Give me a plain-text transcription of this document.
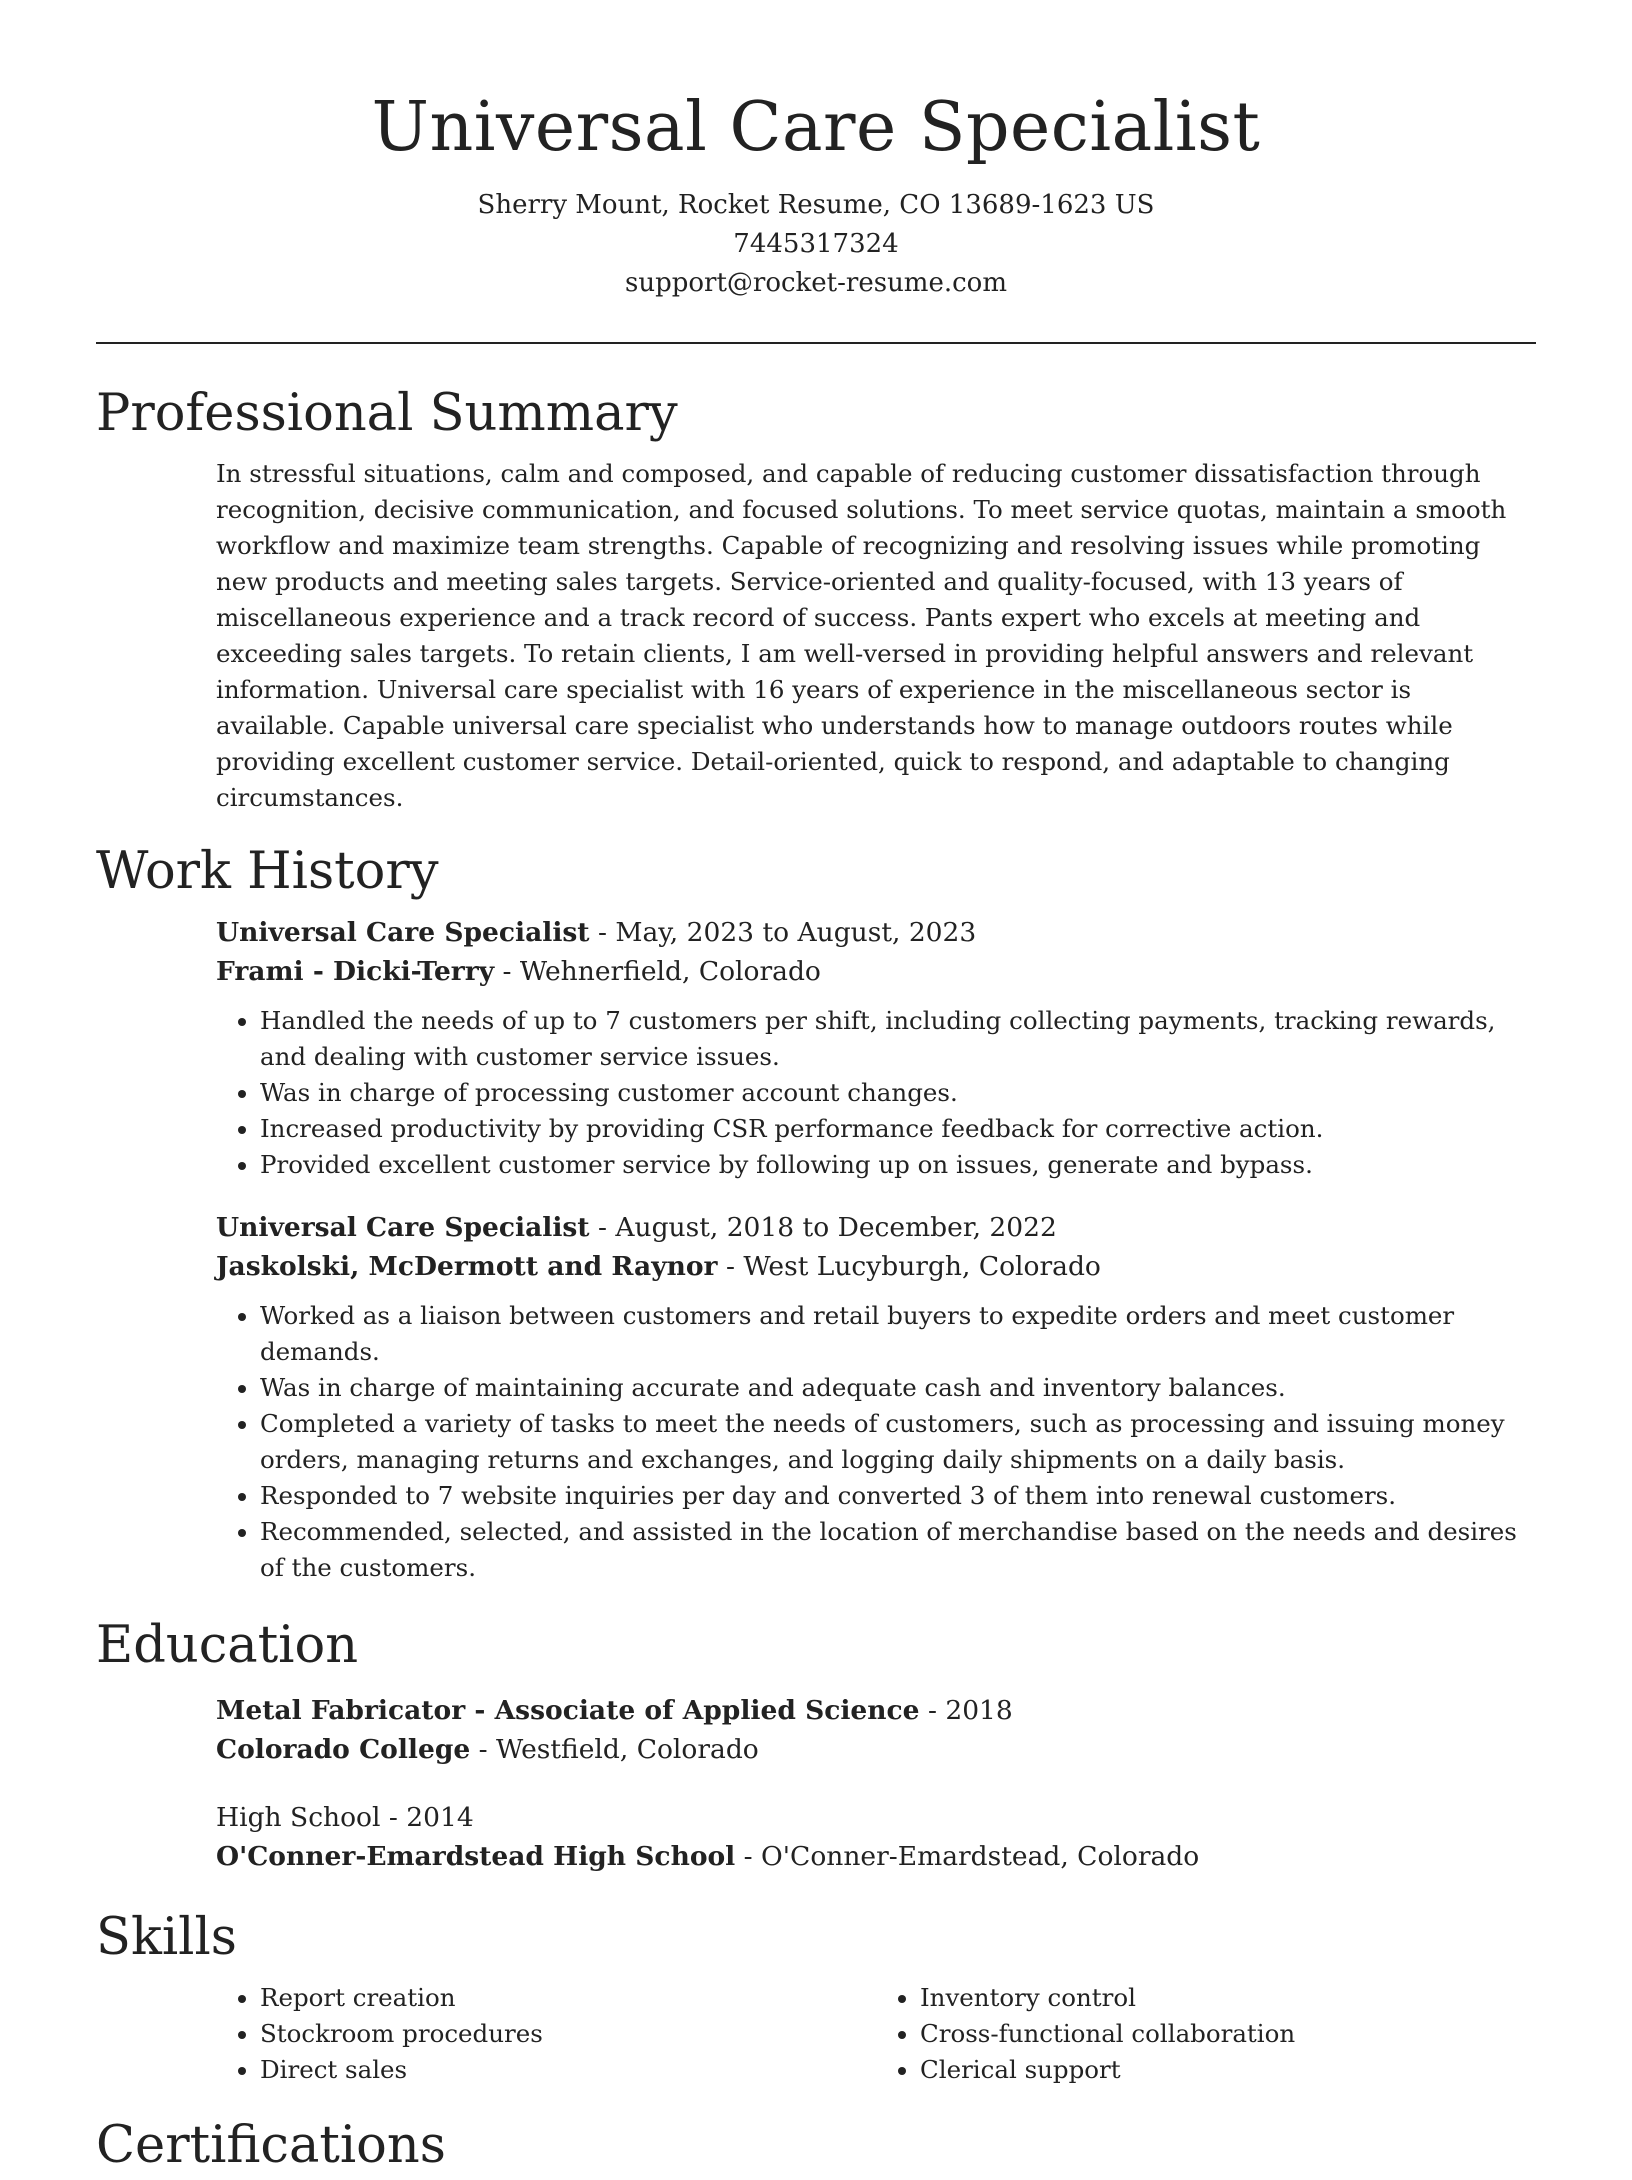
Universal Care Specialist
Sherry Mount, Rocket Resume, CO 13689-1623 US
7445317324
support@rocket-resume.com
Professional Summary
In stressful situations, calm and composed, and capable of reducing customer dissatisfaction through recognition, decisive communication, and focused solutions. To meet service quotas, maintain a smooth workflow and maximize team strengths. Capable of recognizing and resolving issues while promoting new products and meeting sales targets. Service-oriented and quality-focused, with 13 years of miscellaneous experience and a track record of success. Pants expert who excels at meeting and exceeding sales targets. To retain clients, I am well-versed in providing helpful answers and relevant information. Universal care specialist with 16 years of experience in the miscellaneous sector is available. Capable universal care specialist who understands how to manage outdoors routes while providing excellent customer service. Detail-oriented, quick to respond, and adaptable to changing circumstances.
Work History
Universal Care Specialist - May, 2023 to August, 2023
Frami - Dicki-Terry - Wehnerfield, Colorado
• Handled the needs of up to 7 customers per shift, including collecting payments, tracking rewards, and dealing with customer service issues.
• Was in charge of processing customer account changes.
• Increased productivity by providing CSR performance feedback for corrective action.
• Provided excellent customer service by following up on issues, generate and bypass.
Universal Care Specialist - August, 2018 to December, 2022
Jaskolski, McDermott and Raynor - West Lucyburgh, Colorado
• Worked as a liaison between customers and retail buyers to expedite orders and meet customer demands.
• Was in charge of maintaining accurate and adequate cash and inventory balances.
• Completed a variety of tasks to meet the needs of customers, such as processing and issuing money orders, managing returns and exchanges, and logging daily shipments on a daily basis.
• Responded to 7 website inquiries per day and converted 3 of them into renewal customers.
• Recommended, selected, and assisted in the location of merchandise based on the needs and desires of the customers.
Education
Metal Fabricator - Associate of Applied Science - 2018
Colorado College - Westfield, Colorado
High School - 2014
O'Conner-Emardstead High School - O'Conner-Emardstead, Colorado
Skills
• Report creation
• Stockroom procedures
• Direct sales
• Inventory control
• Cross-functional collaboration
• Clerical support
Certifications
